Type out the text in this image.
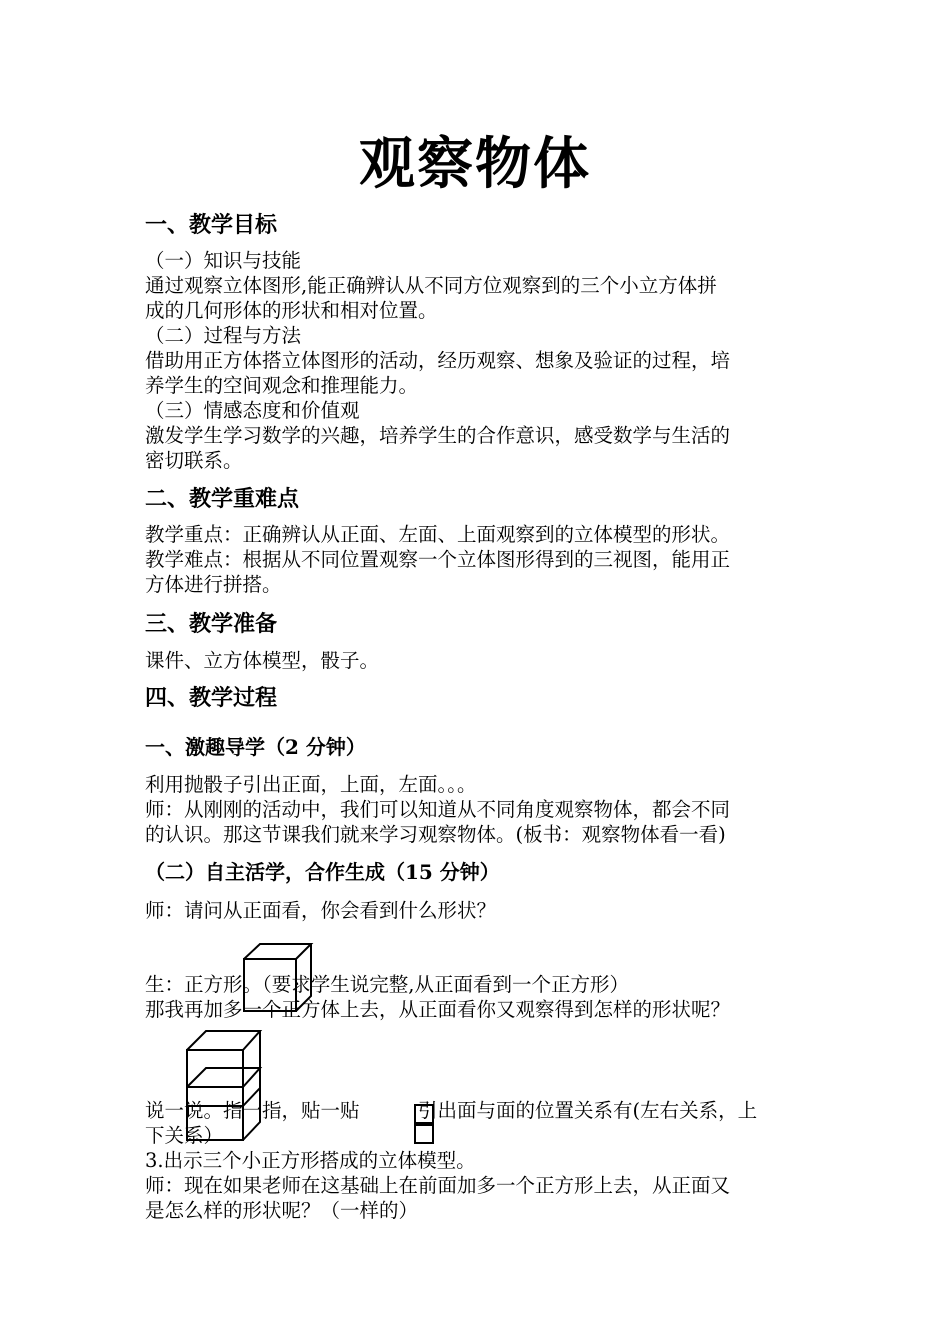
观察物体
一、教学目标
（一）知识与技能
通过观察立体图形,能正确辨认从不同方位观察到的三个小立方体拼
成的几何形体的形状和相对位置。
（二）过程与方法
借助用正方体搭立体图形的活动，经历观察、想象及验证的过程，培
养学生的空间观念和推理能力。
（三）情感态度和价值观
激发学生学习数学的兴趣，培养学生的合作意识，感受数学与生活的
密切联系。
二、教学重难点
教学重点：正确辨认从正面、左面、上面观察到的立体模型的形状。
教学难点：根据从不同位置观察一个立体图形得到的三视图，能用正
方体进行拼搭。
三、教学准备
课件、立方体模型，骰子。
四、教学过程
一、激趣导学（2 分钟）
利用抛骰子引出正面，上面，左面。。。
师：从刚刚的活动中，我们可以知道从不同角度观察物体，都会不同
的认识。那这节课我们就来学习观察物体。(板书：观察物体看一看)
（二）自主活学，合作生成（15 分钟）
师：请问从正面看，你会看到什么形状？
生：正方形。（要求学生说完整,从正面看到一个正方形）
那我再加多一个正方体上去，从正面看你又观察得到怎样的形状呢？
说一说。指一指，贴一贴	引出面与面的位置关系有(左右关系，上
下关系）
3.出示三个小正方形搭成的立体模型。
师：现在如果老师在这基础上在前面加多一个正方形上去，从正面又
是怎么样的形状呢？（一样的）
